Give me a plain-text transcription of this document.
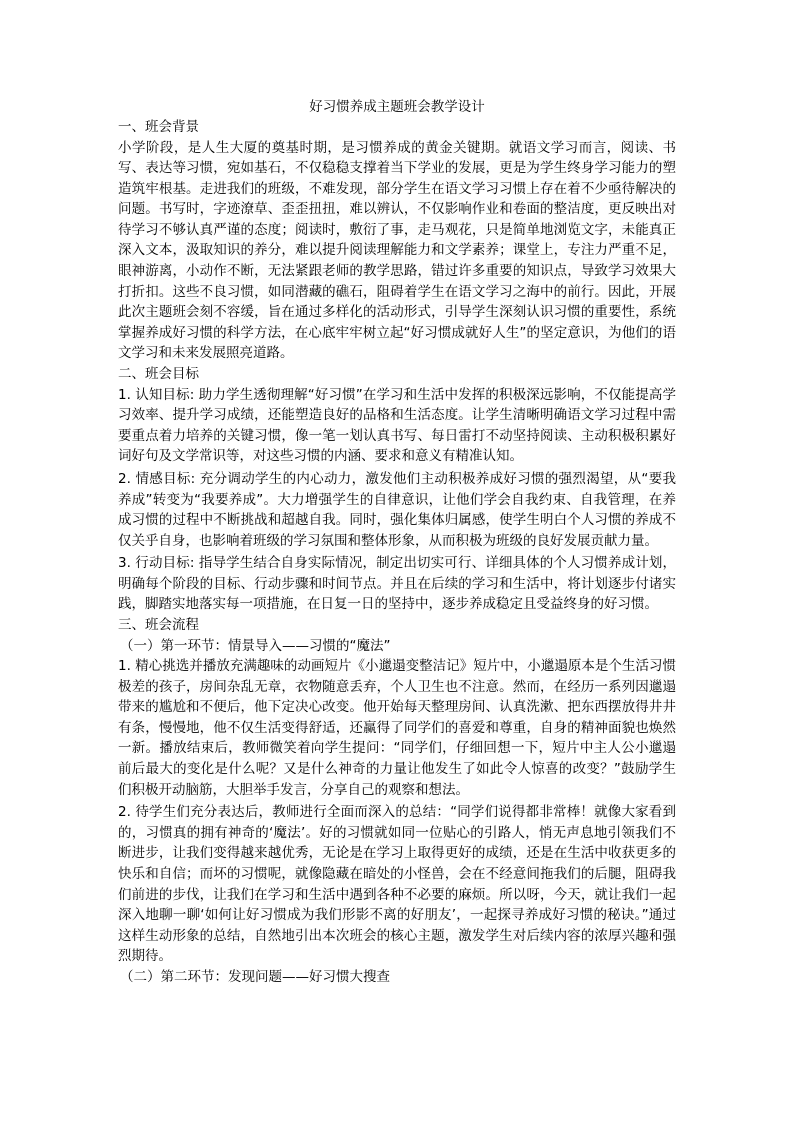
好习惯养成主题班会教学设计
一、班会背景

小学阶段，是人生大厦的奠基时期，是习惯养成的黄金关键期。就语文学习而言，阅读、书写、表达等习惯，宛如基石，不仅稳稳支撑着当下学业的发展，更是为学生终身学习能力的塑造筑牢根基。走进我们的班级，不难发现，部分学生在语文学习习惯上存在着不少亟待解决的问题。书写时，字迹潦草、歪歪扭扭，难以辨认，不仅影响作业和卷面的整洁度，更反映出对待学习不够认真严谨的态度；阅读时，敷衍了事，走马观花，只是简单地浏览文字，未能真正深入文本，汲取知识的养分，难以提升阅读理解能力和文学素养；课堂上，专注力严重不足，眼神游离，小动作不断，无法紧跟老师的教学思路，错过许多重要的知识点，导致学习效果大打折扣。这些不良习惯，如同潜藏的礁石，阻碍着学生在语文学习之海中的前行。因此，开展此次主题班会刻不容缓，旨在通过多样化的活动形式，引导学生深刻认识习惯的重要性，系统掌握养成好习惯的科学方法，在心底牢牢树立起“好习惯成就好人生”的坚定意识，为他们的语文学习和未来发展照亮道路。

二、班会目标

1. 认知目标: 助力学生透彻理解“好习惯”在学习和生活中发挥的积极深远影响，不仅能提高学习效率、提升学习成绩，还能塑造良好的品格和生活态度。让学生清晰明确语文学习过程中需要重点着力培养的关键习惯，像一笔一划认真书写、每日雷打不动坚持阅读、主动积极积累好词好句及文学常识等，对这些习惯的内涵、要求和意义有精准认知。

2. 情感目标: 充分调动学生的内心动力，激发他们主动积极养成好习惯的强烈渴望，从“要我养成”转变为“我要养成”。大力增强学生的自律意识，让他们学会自我约束、自我管理，在养成习惯的过程中不断挑战和超越自我。同时，强化集体归属感，使学生明白个人习惯的养成不仅关乎自身，也影响着班级的学习氛围和整体形象，从而积极为班级的良好发展贡献力量。

3. 行动目标: 指导学生结合自身实际情况，制定出切实可行、详细具体的个人习惯养成计划，明确每个阶段的目标、行动步骤和时间节点。并且在后续的学习和生活中，将计划逐步付诸实践，脚踏实地落实每一项措施，在日复一日的坚持中，逐步养成稳定且受益终身的好习惯。

三、班会流程
（一）第一环节：情景导入——习惯的“魔法”

1. 精心挑选并播放充满趣味的动画短片《小邋遢变整洁记》短片中，小邋遢原本是个生活习惯极差的孩子，房间杂乱无章，衣物随意丢弃，个人卫生也不注意。然而，在经历一系列因邋遢带来的尴尬和不便后，他下定决心改变。他开始每天整理房间、认真洗漱、把东西摆放得井井有条，慢慢地，他不仅生活变得舒适，还赢得了同学们的喜爱和尊重，自身的精神面貌也焕然一新。播放结束后，教师微笑着向学生提问：“同学们，仔细回想一下，短片中主人公小邋遢前后最大的变化是什么呢？又是什么神奇的力量让他发生了如此令人惊喜的改变？”鼓励学生们积极开动脑筋，大胆举手发言，分享自己的观察和想法。

2. 待学生们充分表达后，教师进行全面而深入的总结：“同学们说得都非常棒！就像大家看到的，习惯真的拥有神奇的‘魔法’。好的习惯就如同一位贴心的引路人，悄无声息地引领我们不断进步，让我们变得越来越优秀，无论是在学习上取得更好的成绩，还是在生活中收获更多的快乐和自信；而坏的习惯呢，就像隐藏在暗处的小怪兽，会在不经意间拖我们的后腿，阻碍我们前进的步伐，让我们在学习和生活中遇到各种不必要的麻烦。所以呀，今天，就让我们一起深入地聊一聊‘如何让好习惯成为我们形影不离的好朋友’，一起探寻养成好习惯的秘诀。”通过这样生动形象的总结，自然地引出本次班会的核心主题，激发学生对后续内容的浓厚兴趣和强烈期待。

（二）第二环节：发现问题——好习惯大搜查
